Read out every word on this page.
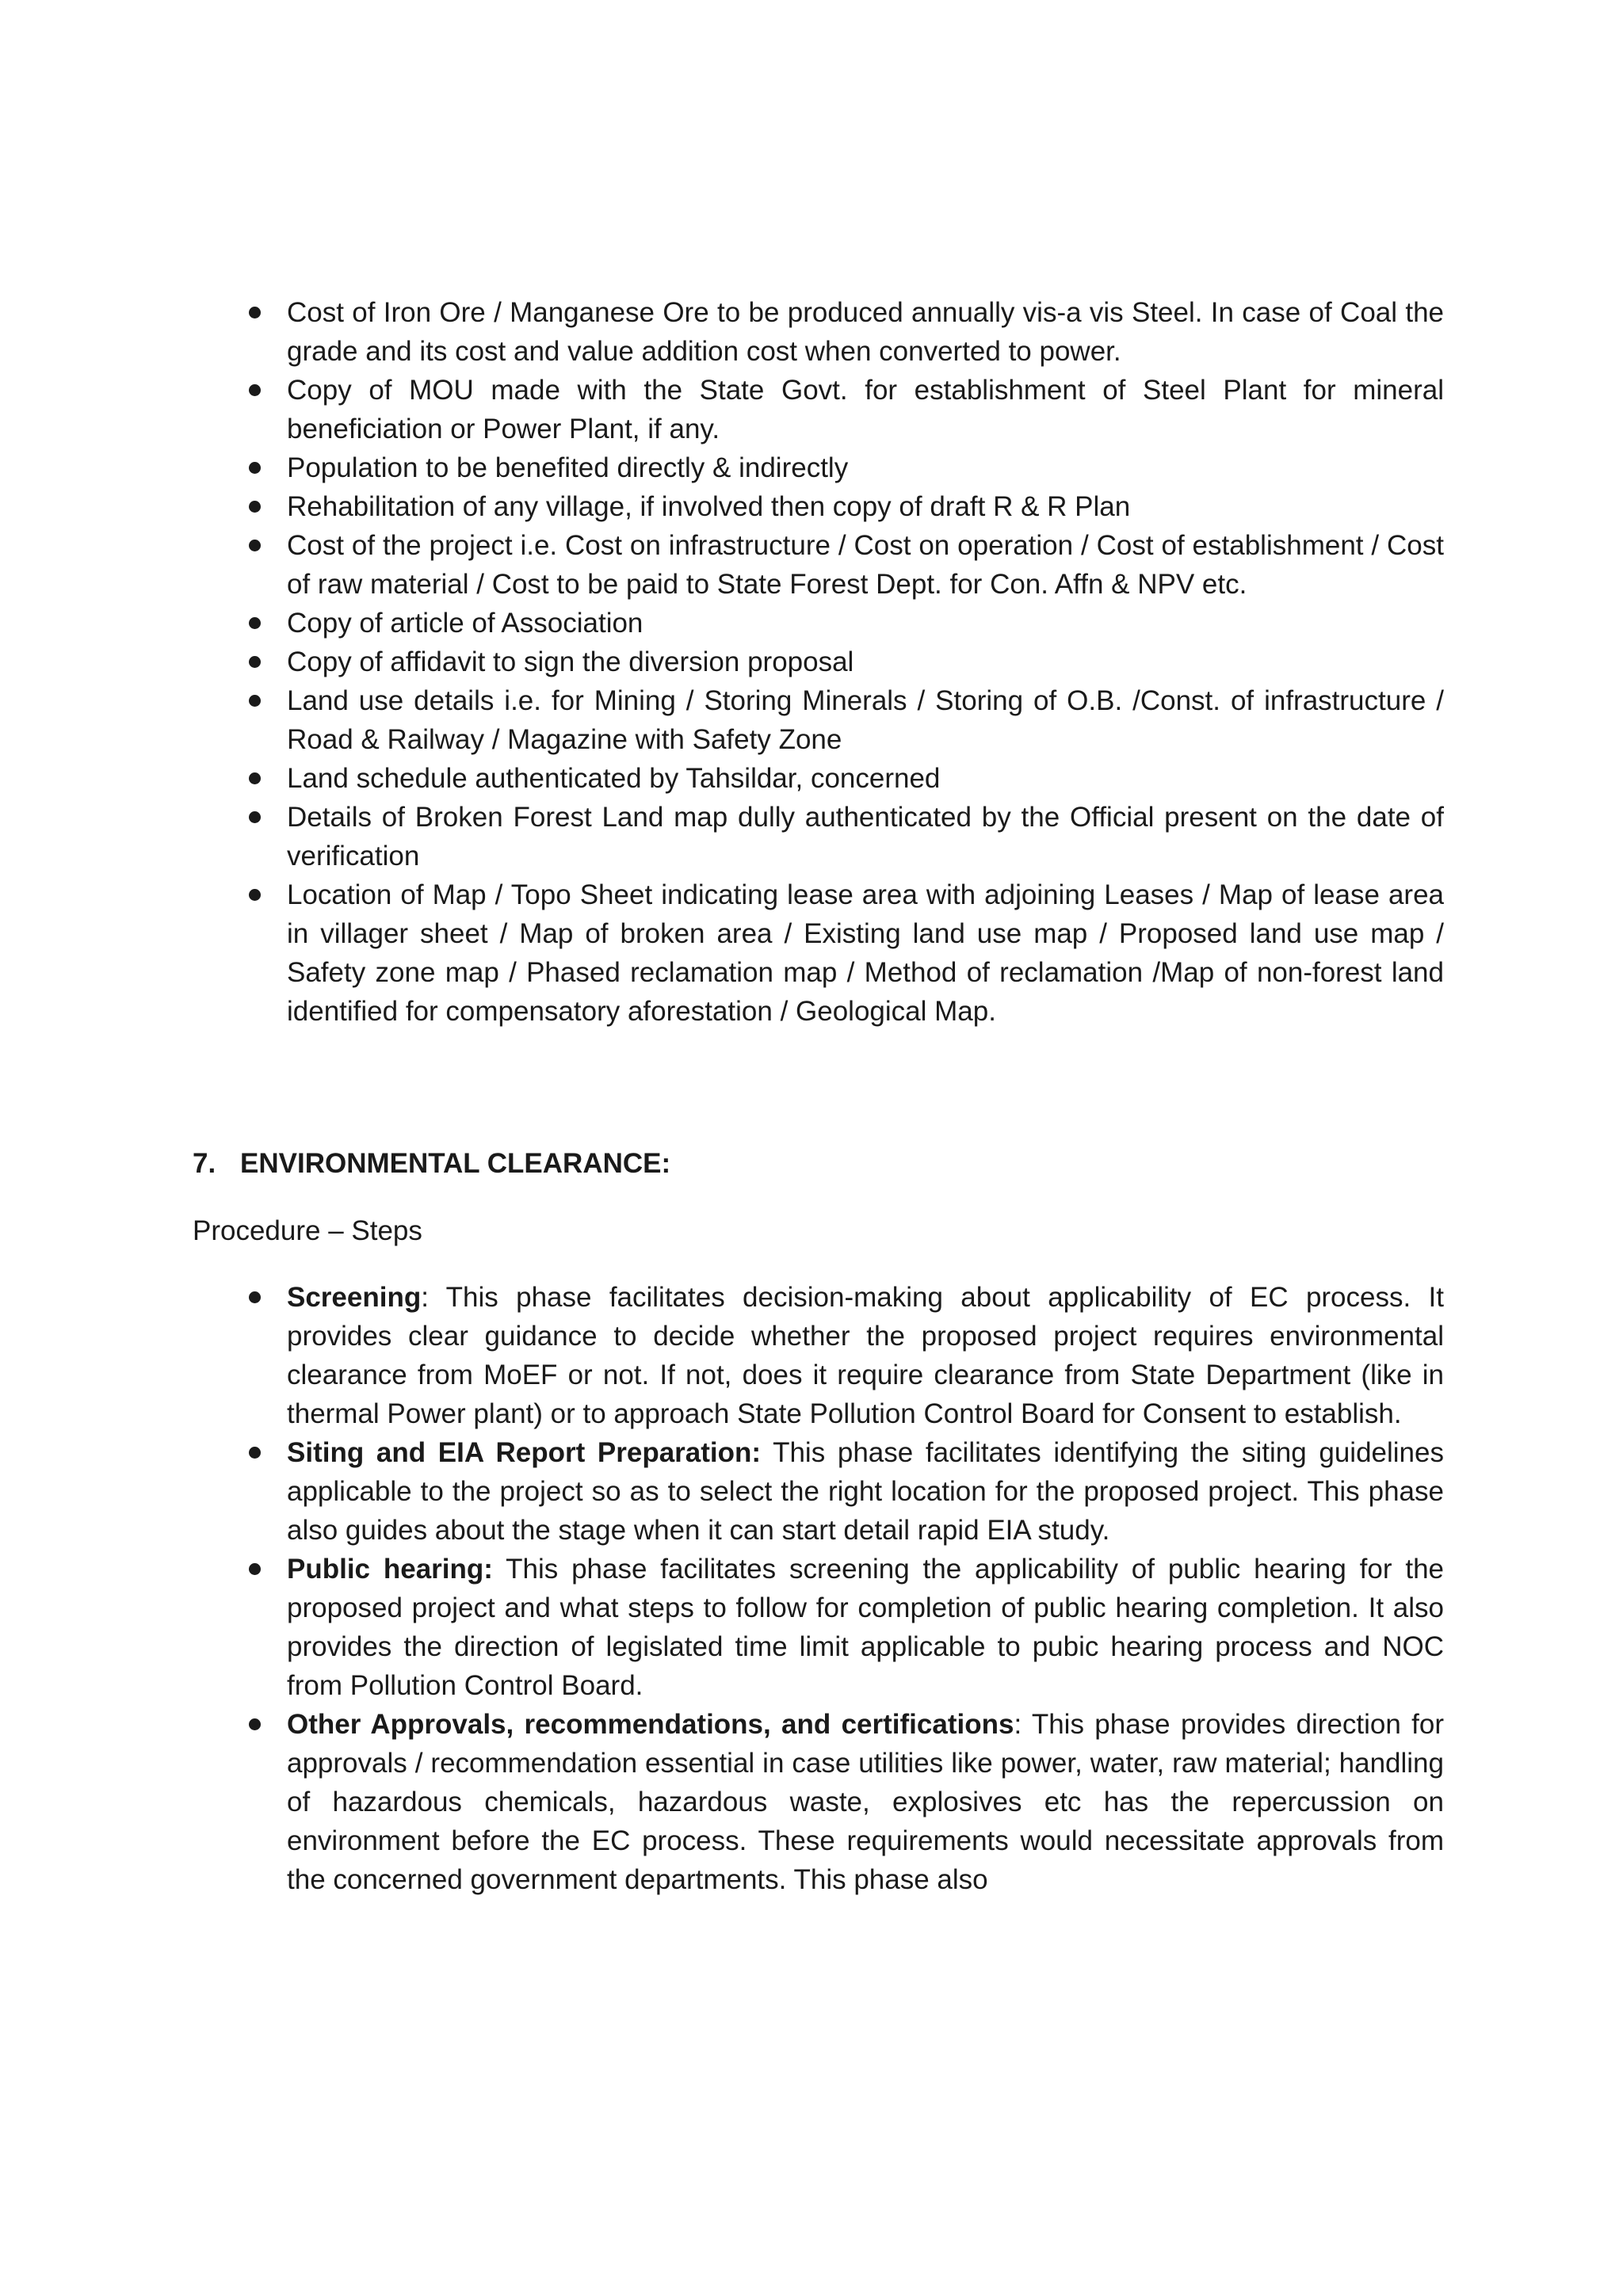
Cost of Iron Ore / Manganese Ore to be produced annually vis-a vis Steel. In case of Coal the grade and its cost and value addition cost when converted to power.
Copy of MOU made with the State Govt. for establishment of Steel Plant for mineral beneficiation or Power Plant, if any.
Population to be benefited directly & indirectly
Rehabilitation of any village, if involved then copy of draft R & R Plan
Cost of the project i.e. Cost on infrastructure / Cost on operation / Cost of establishment / Cost of raw material / Cost to be paid to State Forest Dept. for Con. Affn & NPV etc.
Copy of article of Association
Copy of affidavit to sign the diversion proposal
Land use details i.e. for Mining / Storing Minerals / Storing of O.B. /Const. of infrastructure / Road & Railway / Magazine with Safety Zone
Land schedule authenticated by Tahsildar, concerned
Details of Broken Forest Land map dully authenticated by the Official present on the date of verification
Location of Map / Topo Sheet indicating lease area with adjoining Leases / Map of lease area in villager sheet / Map of broken area / Existing land use map / Proposed land use map / Safety zone map / Phased reclamation map / Method of reclamation /Map of non-forest land identified for compensatory aforestation / Geological Map.
7. ENVIRONMENTAL CLEARANCE:

Procedure – Steps

Screening: This phase facilitates decision-making about applicability of EC process. It provides clear guidance to decide whether the proposed project requires environmental clearance from MoEF or not. If not, does it require clearance from State Department (like in thermal Power plant) or to approach State Pollution Control Board for Consent to establish.
Siting and EIA Report Preparation: This phase facilitates identifying the siting guidelines applicable to the project so as to select the right location for the proposed project. This phase also guides about the stage when it can start detail rapid EIA study.
Public hearing: This phase facilitates screening the applicability of public hearing for the proposed project and what steps to follow for completion of public hearing completion. It also provides the direction of legislated time limit applicable to pubic hearing process and NOC from Pollution Control Board.
Other Approvals, recommendations, and certifications: This phase provides direction for approvals / recommendation essential in case utilities like power, water, raw material; handling of hazardous chemicals, hazardous waste, explosives etc has the repercussion on environment before the EC process. These requirements would necessitate approvals from the concerned government departments. This phase also
